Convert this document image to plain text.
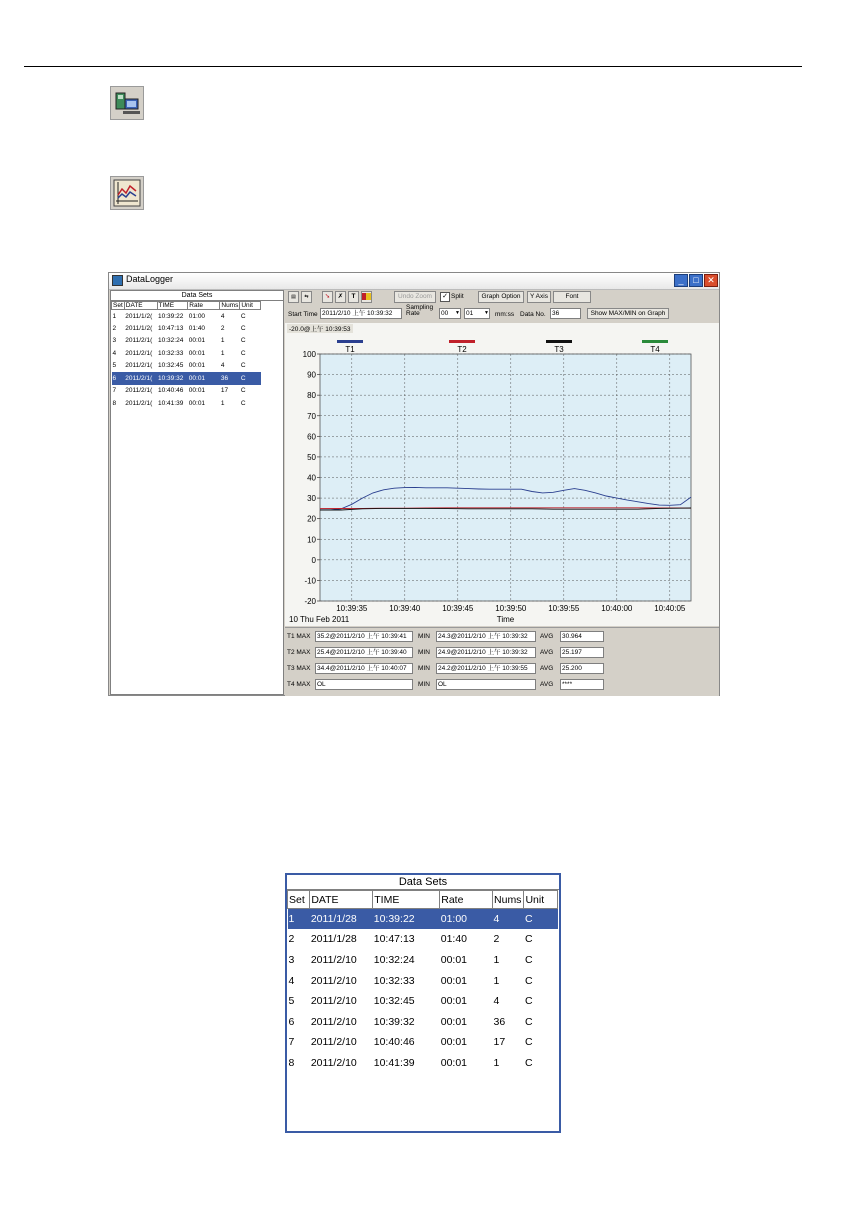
DataLogger	_	□ ✕
Data Sets
Set	DATE	TIME	Rate	Nums	Unit
1	2011/1/2(	10:39:22	01:00	4	C
2	2011/1/2(	10:47:13	01:40	2	C
3	2011/2/1(	10:32:24	00:01	1	C
4	2011/2/1(	10:32:33	00:01	1	C
5	2011/2/1(	10:32:45	00:01	4	C
6	2011/2/1(	10:39:32	00:01	36	C
7	2011/2/1(	10:40:46	00:01	17	C
8	2011/2/1(	10:41:39	00:01	1	C
▤	⇆	➘	✗	T	Undo Zoom	✓ Split	Graph Option	Y Axis	Font
Start Time 2011/2/10 上午 10:39:32
Sampling Rate	00 ▼ 01 ▼ mm:ss Data No. 36	Show MAX/MIN on Graph
-20.0@上午 10:39:53
100
90
80
70
60
50
40
30
20
10
0
-10
-20
10:39:35	10:39:40	10:39:45	10:39:50	10:39:55	10:40:00	10:40:05
10 Thu Feb 2011	Time
T1	T2	T3	T4
T1 MAX	35.2@2011/2/10 上午 10:39:41	MIN	24.3@2011/2/10 上午 10:39:32	AVG	30.964
T2 MAX	25.4@2011/2/10 上午 10:39:40	MIN	24.9@2011/2/10 上午 10:39:32	AVG	25.197
T3 MAX	34.4@2011/2/10 上午 10:40:07	MIN	24.2@2011/2/10 上午 10:39:55	AVG	25.200
T4 MAX	OL	MIN	OL	AVG	****
Data Sets
Set	DATE	TIME	Rate	Nums	Unit
1	2011/1/28	10:39:22	01:00	4	C
2	2011/1/28	10:47:13	01:40	2	C
3	2011/2/10	10:32:24	00:01	1	C
4	2011/2/10	10:32:33	00:01	1	C
5	2011/2/10	10:32:45	00:01	4	C
6	2011/2/10	10:39:32	00:01	36	C
7	2011/2/10	10:40:46	00:01	17	C
8	2011/2/10	10:41:39	00:01	1	C
